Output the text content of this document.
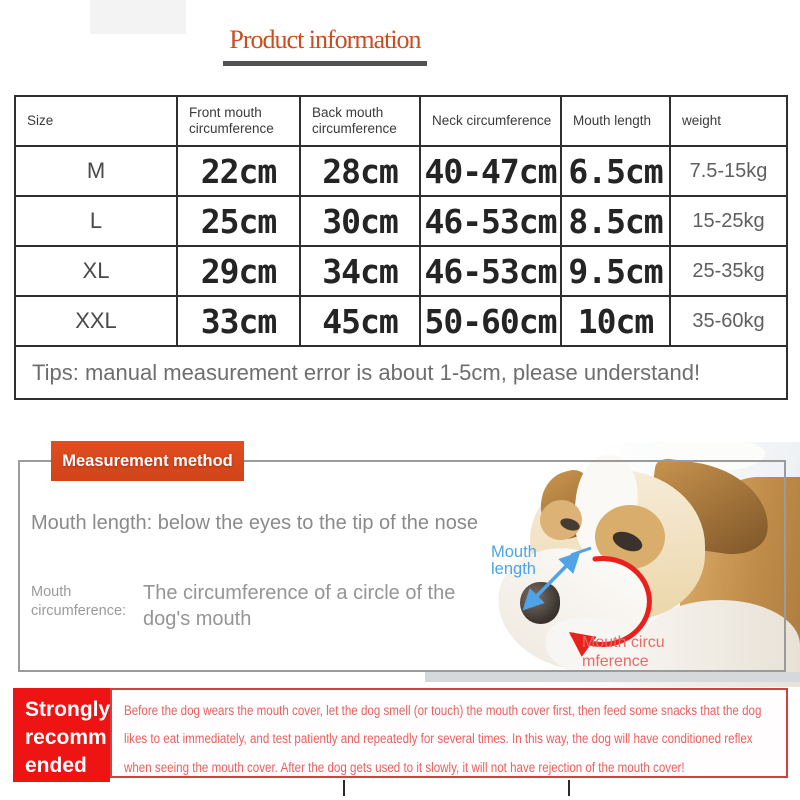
Product information
Size	Front mouth circumference	Back mouth circumference	Neck circumference	Mouth length	weight
M	22cm	28cm	40-47cm	6.5cm	7.5-15kg
L	25cm	30cm	46-53cm	8.5cm	15-25kg
XL	29cm	34cm	46-53cm	9.5cm	25-35kg
XXL	33cm	45cm	50-60cm	10cm	35-60kg
Tips: manual measurement error is about 1-5cm, please understand!					
Mouth length
Mouth circumference
Measurement method
Mouth length: below the eyes to the tip of the nose
Mouth circumference:
The circumference of a circle of the dog's mouth
Strongly
recomm
ended
Before the dog wears the mouth cover, let the dog smell (or touch) the mouth cover first, then feed some snacks that the dog likes to eat immediately, and test patiently and repeatedly for several times. In this way, the dog will have conditioned reflex when seeing the mouth cover. After the dog gets used to it slowly, it will not have rejection of the mouth cover!
